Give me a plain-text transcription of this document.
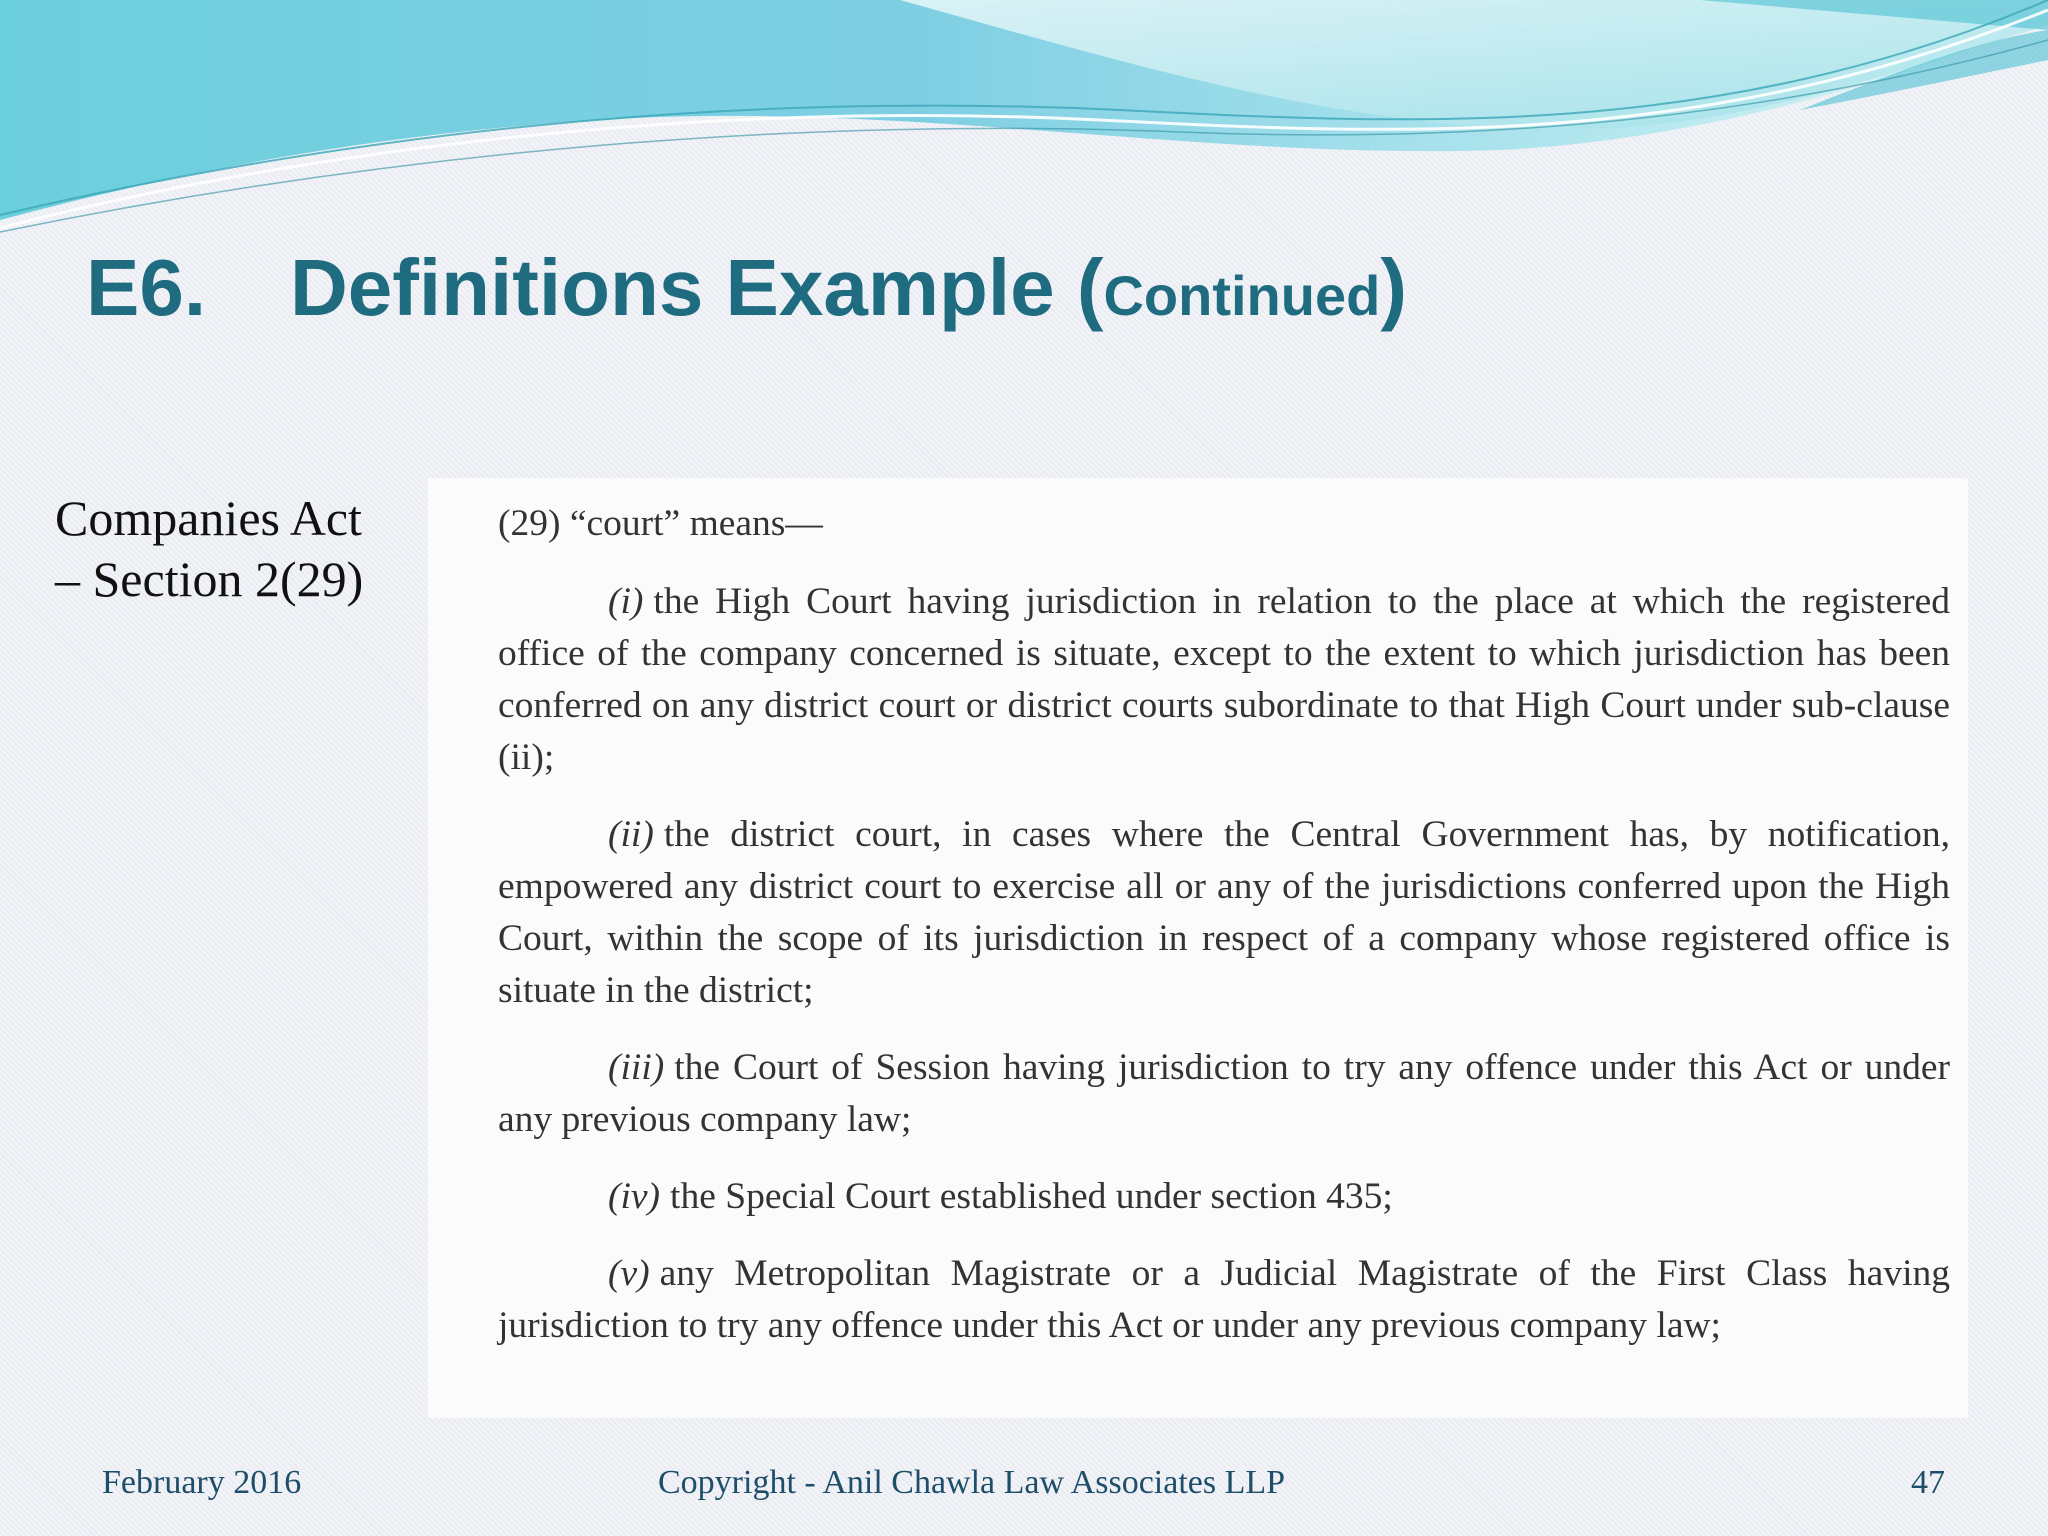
E6. Definitions Example (Continued)
Companies Act
– Section 2(29)

(29) “court” means—

(i) the High Court having jurisdiction in relation to the place at which the registered office of the company concerned is situate, except to the extent to which jurisdiction has been conferred on any district court or district courts subordinate to that High Court under sub-clause (ii);

(ii) the district court, in cases where the Central Government has, by notification, empowered any district court to exercise all or any of the jurisdictions conferred upon the High Court, within the scope of its jurisdiction in respect of a company whose registered office is situate in the district;

(iii) the Court of Session having jurisdiction to try any offence under this Act or under any previous company law;

(iv) the Special Court established under section 435;

(v) any Metropolitan Magistrate or a Judicial Magistrate of the First Class having jurisdiction to try any offence under this Act or under any previous company law;

February 2016	Copyright - Anil Chawla Law Associates LLP	47
